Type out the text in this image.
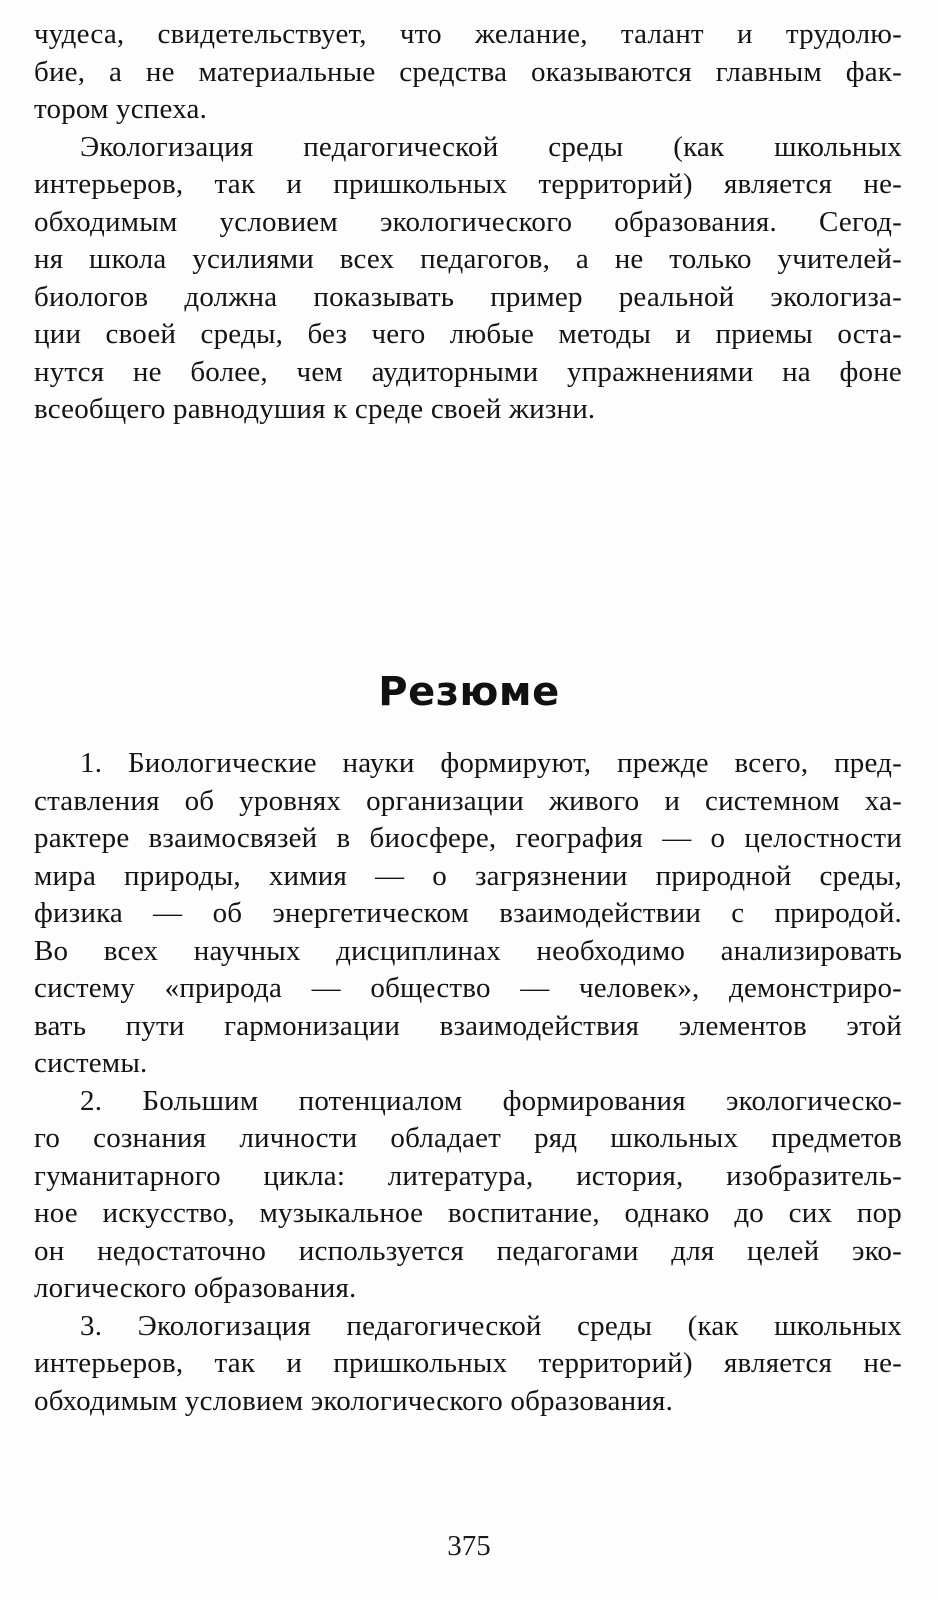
чудеса, свидетельствует, что желание, талант и трудолю-
бие, а не материальные средства оказываются главным фак-
тором успеха.
Экологизация педагогической среды (как школьных
интерьеров, так и пришкольных территорий) является не-
обходимым условием экологического образования. Сегод-
ня школа усилиями всех педагогов, а не только учителей-
биологов должна показывать пример реальной экологиза-
ции своей среды, без чего любые методы и приемы оста-
нутся не более, чем аудиторными упражнениями на фоне
всеобщего равнодушия к среде своей жизни.
Резюме
1. Биологические науки формируют, прежде всего, пред-
ставления об уровнях организации живого и системном ха-
рактере взаимосвязей в биосфере, география — о целостности
мира природы, химия — о загрязнении природной среды,
физика — об энергетическом взаимодействии с природой.
Во всех научных дисциплинах необходимо анализировать
систему «природа — общество — человек», демонстриро-
вать пути гармонизации взаимодействия элементов этой
системы.
2. Большим потенциалом формирования экологическо-
го сознания личности обладает ряд школьных предметов
гуманитарного цикла: литература, история, изобразитель-
ное искусство, музыкальное воспитание, однако до сих пор
он недостаточно используется педагогами для целей эко-
логического образования.
3. Экологизация педагогической среды (как школьных
интерьеров, так и пришкольных территорий) является не-
обходимым условием экологического образования.
375
